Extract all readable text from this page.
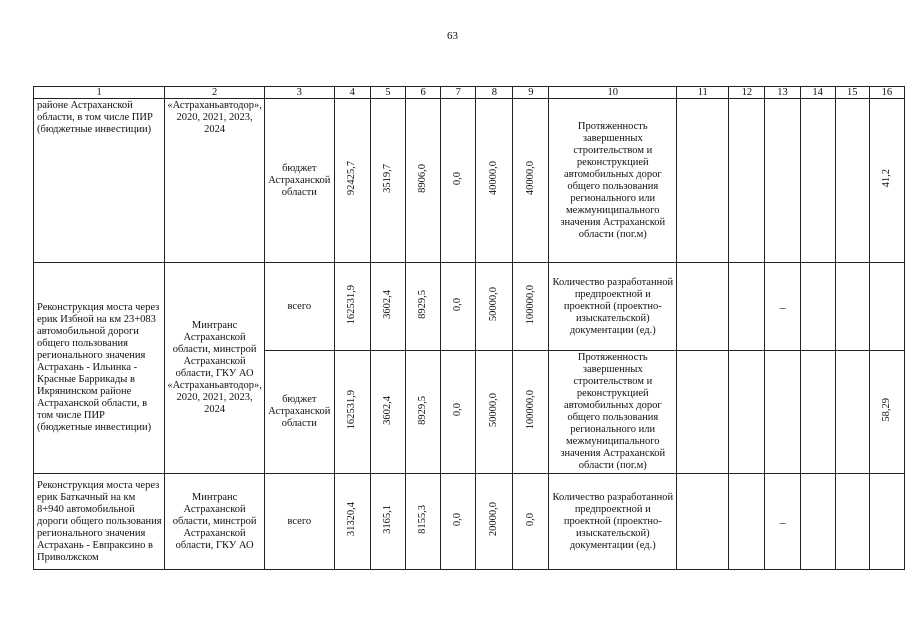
63
1	2	3	4	5	6	7	8	9	10	11	12	13	14	15	16
районе Астраханской области, в том числе ПИР (бюджетные инвестиции)	«Астраханьавтодор», 2020, 2021, 2023, 2024	бюджет Астраханской области	92425,7	3519,7	8906,0	0,0	40000,0	40000,0	Протяженность завершенных строительством и реконструкцией автомобильных дорог общего пользования регионального или межмуниципального значения Астраханской области (пог.м)						41,2
Реконструкция моста через ерик Избной на км 23+083 автомобильной дороги общего пользования регионального значения Астрахань - Ильинка - Красные Баррикады в Икрянинском районе Астраханской области, в том числе ПИР (бюджетные инвестиции)	Минтранс Астраханской области, минстрой Астраханской области, ГКУ АО «Астраханьавтодор», 2020, 2021, 2023, 2024	всего	162531,9	3602,4	8929,5	0,0	50000,0	100000,0	Количество разработанной предпроектной и проектной (проектно-изыскательской) документации (ед.)			–			
		бюджет Астраханской области	162531,9	3602,4	8929,5	0,0	50000,0	100000,0	Протяженность завершенных строительством и реконструкцией автомобильных дорог общего пользования регионального или межмуниципального значения Астраханской области (пог.м)						58,29
Реконструкция моста через ерик Баткачный на км 8+940 автомобильной дороги общего пользования регионального значения Астрахань - Евпраксино в Приволжском	Минтранс Астраханской области, минстрой Астраханской области, ГКУ АО	всего	31320,4	3165,1	8155,3	0,0	20000,0	0,0	Количество разработанной предпроектной и проектной (проектно-изыскательской) документации (ед.)			–			
